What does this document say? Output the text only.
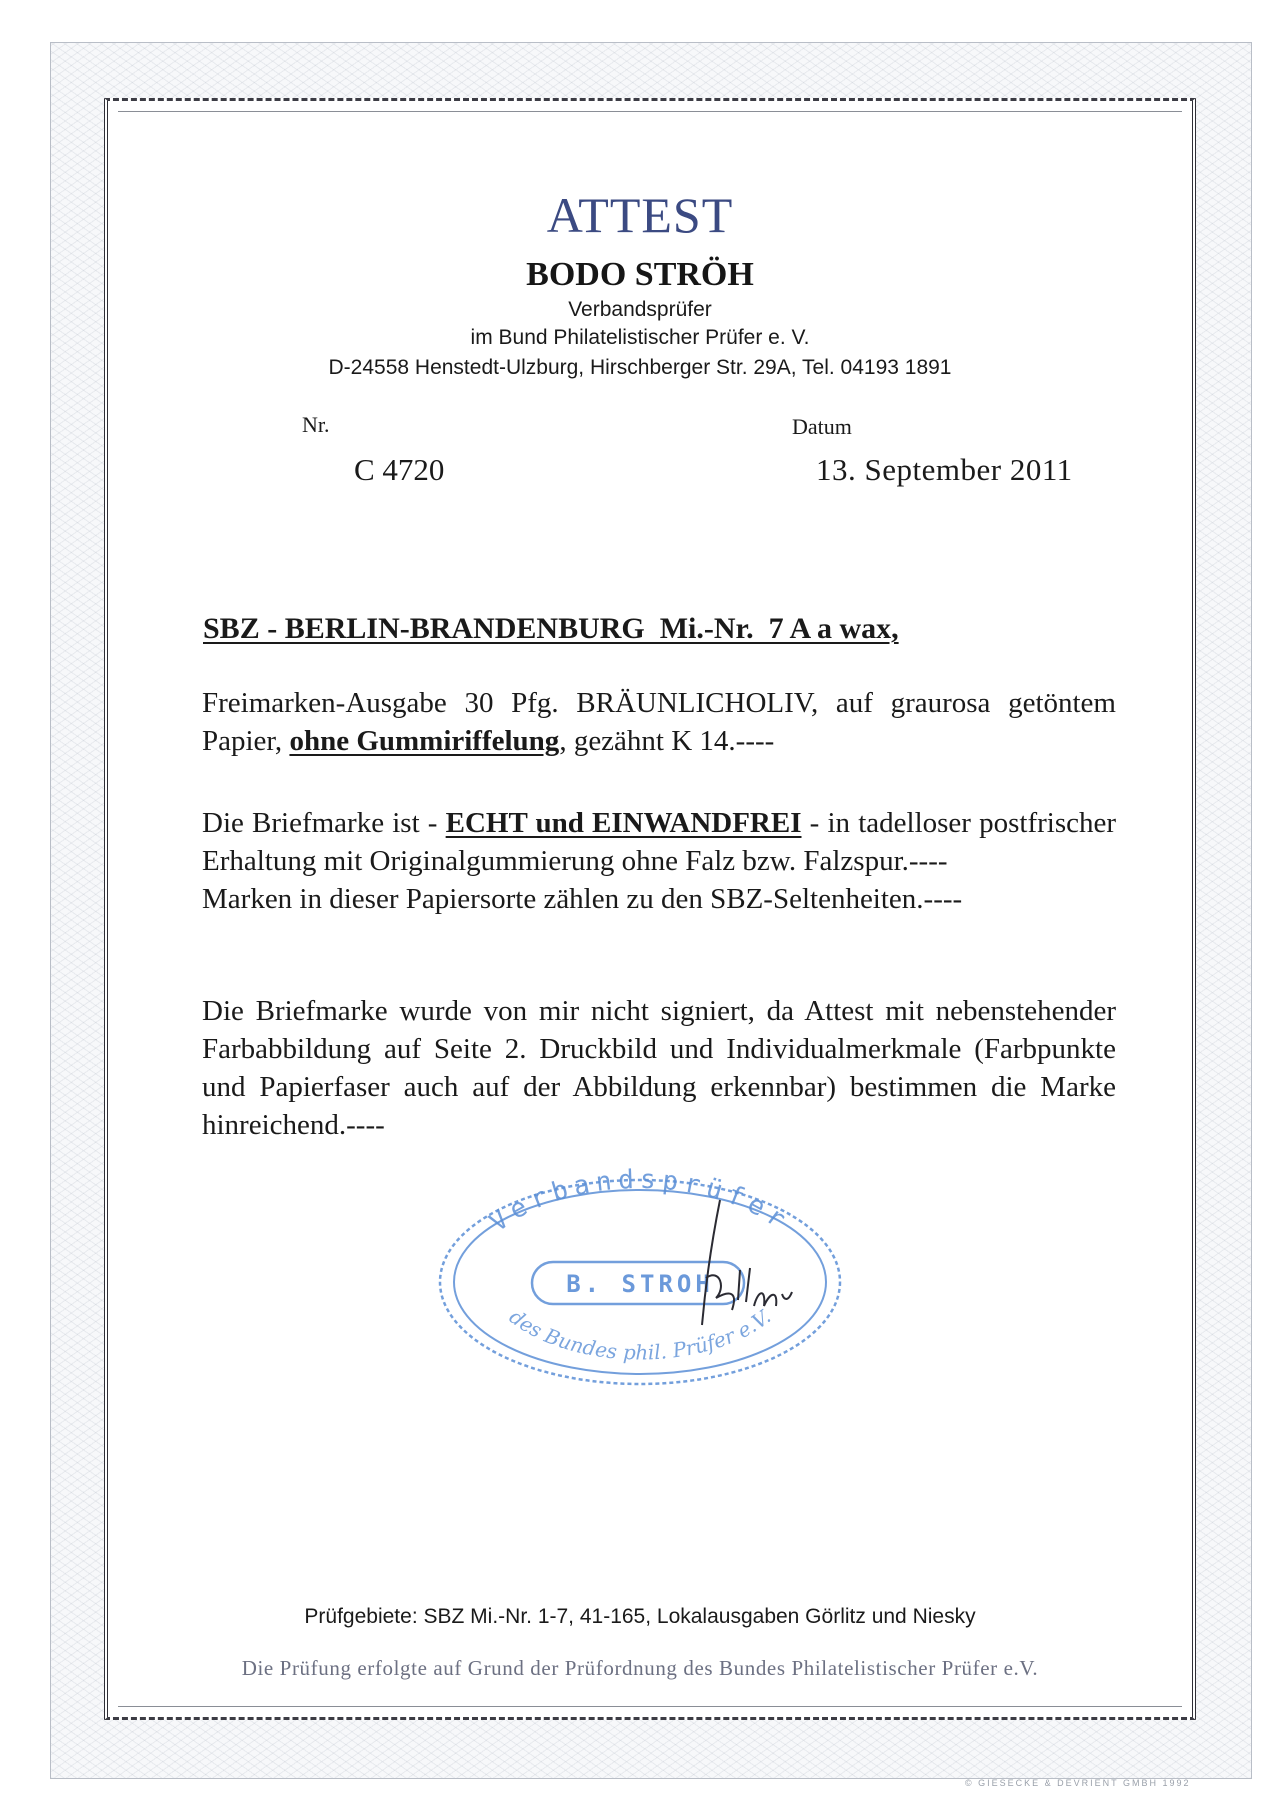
ATTEST
BODO STRÖH
Verbandsprüfer
im Bund Philatelistischer Prüfer e. V.
D-24558 Henstedt-Ulzburg, Hirschberger Str. 29A, Tel. 04193 1891
Nr.	Datum
C 4720	13. September 2011
SBZ - BERLIN-BRANDENBURG  Mi.-Nr.  7 A a wax,
Freimarken-Ausgabe 30 Pfg. BRÄUNLICHOLIV, auf graurosa getöntem Papier, ohne Gummiriffelung, gezähnt K 14.----
Die Briefmarke ist - ECHT und EINWANDFREI - in tadelloser postfrischer Erhaltung mit Originalgummierung ohne Falz bzw. Falzspur.----
Marken in dieser Papiersorte zählen zu den SBZ-Seltenheiten.----
Die Briefmarke wurde von mir nicht signiert, da Attest mit nebenstehender Farbabbildung auf Seite 2. Druckbild und Individualmerkmale (Farbpunkte und Papierfaser auch auf der Abbildung erkennbar) bestimmen die Marke hinreichend.----
Verbandsprüfer
B. STROH
des Bundes phil. Prüfer e.V.
Prüfgebiete: SBZ Mi.-Nr. 1-7, 41-165, Lokalausgaben Görlitz und Niesky
Die Prüfung erfolgte auf Grund der Prüfordnung des Bundes Philatelistischer Prüfer e.V.
© GIESECKE & DEVRIENT GMBH 1992
